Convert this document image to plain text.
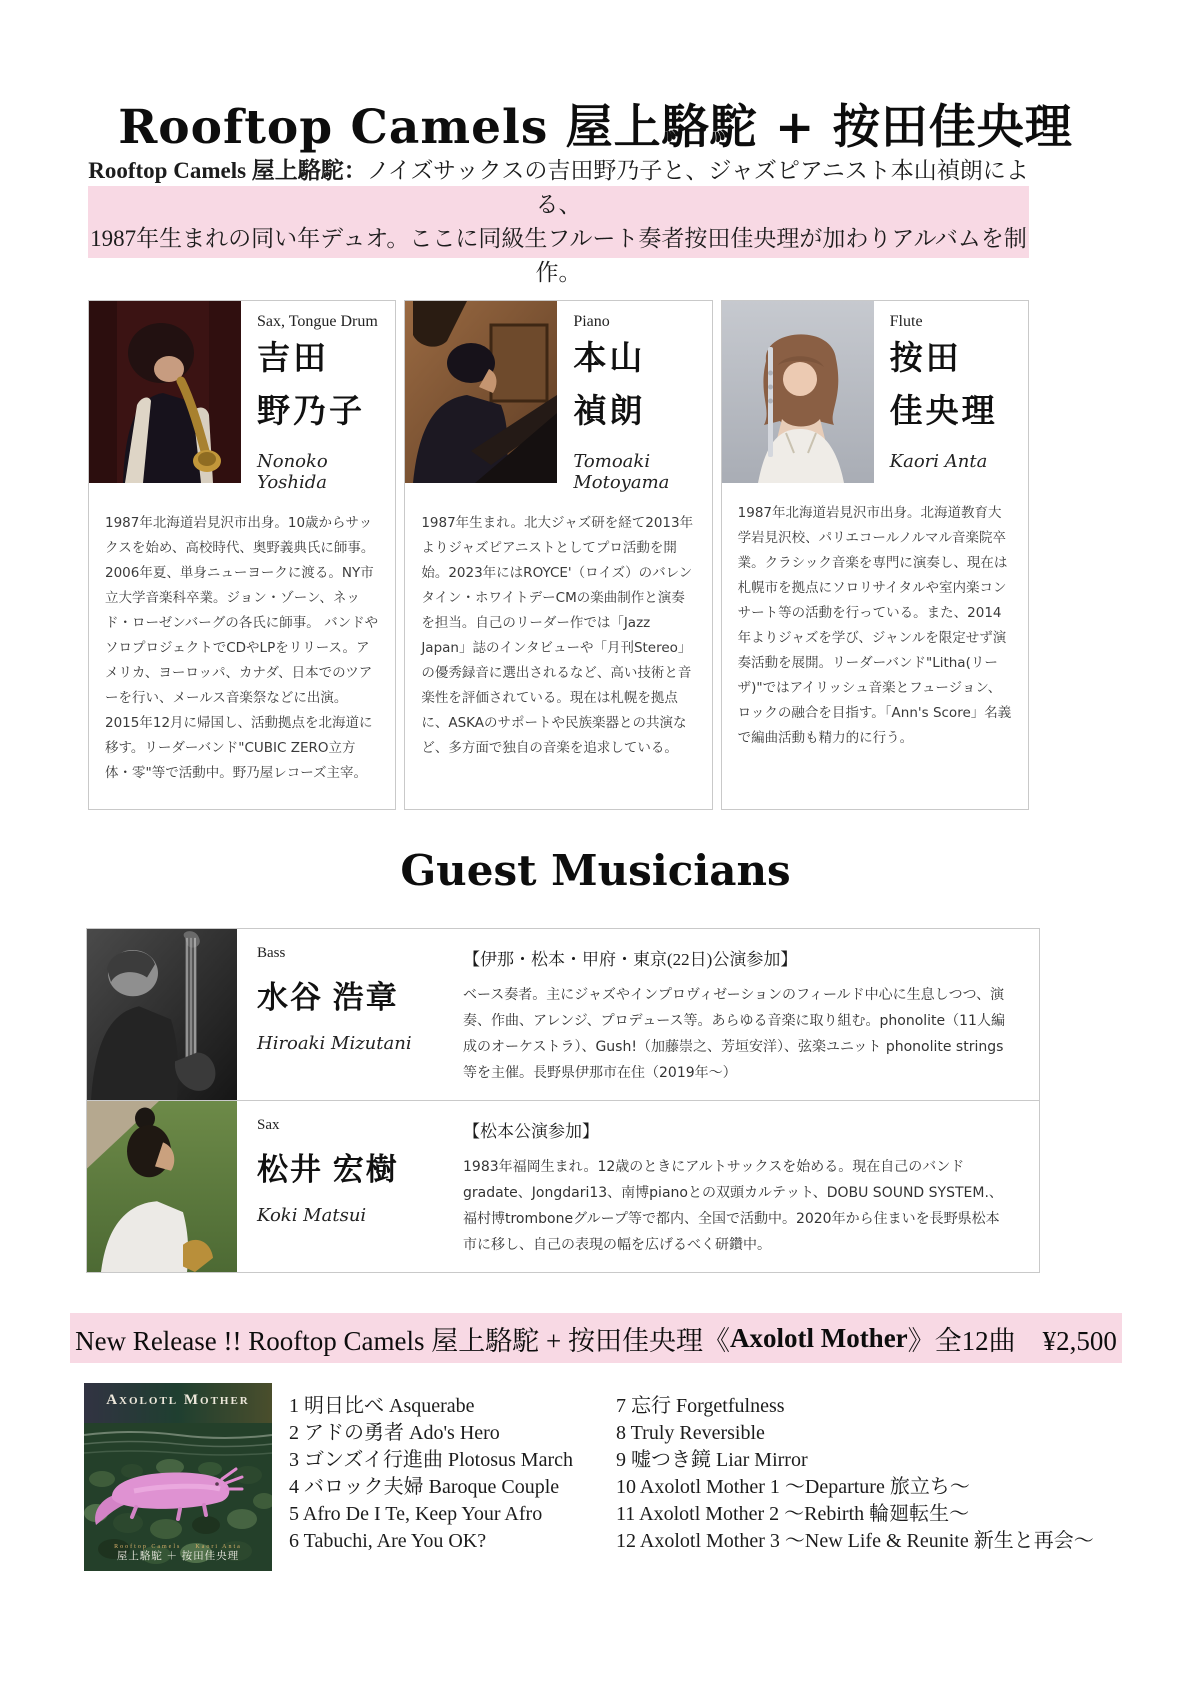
Rooftop Camels 屋上駱駝 + 按田佳央理
Rooftop Camels 屋上駱駝：ノイズサックスの吉田野乃子と、ジャズピアニスト本山禎朗による、
1987年生まれの同い年デュオ。ここに同級生フルート奏者按田佳央理が加わりアルバムを制作。
Sax, Tongue Drum
吉田
野乃子
Nonoko Yoshida
1987年北海道岩見沢市出身。10歳からサックスを始め、高校時代、奥野義典氏に師事。2006年夏、単身ニューヨークに渡る。NY市立大学音楽科卒業。ジョン・ゾーン、ネッド・ローゼンバーグの各氏に師事。 バンドやソロプロジェクトでCDやLPをリリース。アメリカ、ヨーロッパ、カナダ、日本でのツアーを行い、メールス音楽祭などに出演。2015年12月に帰国し、活動拠点を北海道に移す。リーダーバンド"CUBIC ZERO立方体・零"等で活動中。野乃屋レコーズ主宰。
Piano
本山
禎朗
Tomoaki Motoyama
1987年生まれ。北大ジャズ研を経て2013年よりジャズピアニストとしてプロ活動を開始。2023年にはROYCE'（ロイズ）のバレンタイン・ホワイトデーCMの楽曲制作と演奏を担当。自己のリーダー作では「Jazz Japan」誌のインタビューや「月刊Stereo」の優秀録音に選出されるなど、高い技術と音楽性を評価されている。現在は札幌を拠点に、ASKAのサポートや民族楽器との共演など、多方面で独自の音楽を追求している。
Flute
按田
佳央理
Kaori Anta
1987年北海道岩見沢市出身。北海道教育大学岩見沢校、パリエコールノルマル音楽院卒業。クラシック音楽を専門に演奏し、現在は札幌市を拠点にソロリサイタルや室内楽コンサート等の活動を行っている。また、2014年よりジャズを学び、ジャンルを限定せず演奏活動を展開。リーダーバンド"Litha(リーザ)"ではアイリッシュ音楽とフュージョン、ロックの融合を目指す。「Ann's Score」名義で編曲活動も精力的に行う。
Guest Musicians
Bass
水谷 浩章
Hiroaki Mizutani
【伊那・松本・甲府・東京(22日)公演参加】
ベース奏者。主にジャズやインプロヴィゼーションのフィールド中心に生息しつつ、演奏、作曲、アレンジ、プロデュース等。あらゆる音楽に取り組む。phonolite（11人編成のオーケストラ）、Gush!（加藤崇之、芳垣安洋）、弦楽ユニット phonolite strings 等を主催。長野県伊那市在住（2019年〜）
Sax
松井 宏樹
Koki Matsui
【松本公演参加】
1983年福岡生まれ。12歳のときにアルトサックスを始める。現在自己のバンドgradate、Jongdari13、南博pianoとの双頭カルテット、DOBU SOUND SYSTEM.、福村博tromboneグループ等で都内、全国で活動中。2020年から住まいを長野県松本市に移し、自己の表現の幅を広げるべく研鑽中。
New Release !! Rooftop Camels 屋上駱駝 + 按田佳央理《 Axolotl Mother 》全12曲　¥2,500
Axolotl Mother
Rooftop Camels Kaori Anta
屋上駱駝 ＋ 按田佳央理
1 明日比べ Asquerabe
2 アドの勇者 Ado's Hero
3 ゴンズイ行進曲 Plotosus March
4 バロック夫婦 Baroque Couple
5 Afro De I Te, Keep Your Afro
6 Tabuchi, Are You OK?
7 忘行 Forgetfulness
8 Truly Reversible
9 嘘つき鏡 Liar Mirror
10 Axolotl Mother 1 ～Departure 旅立ち～
11 Axolotl Mother 2 ～Rebirth 輪廻転生～
12 Axolotl Mother 3 ～New Life & Reunite 新生と再会～
